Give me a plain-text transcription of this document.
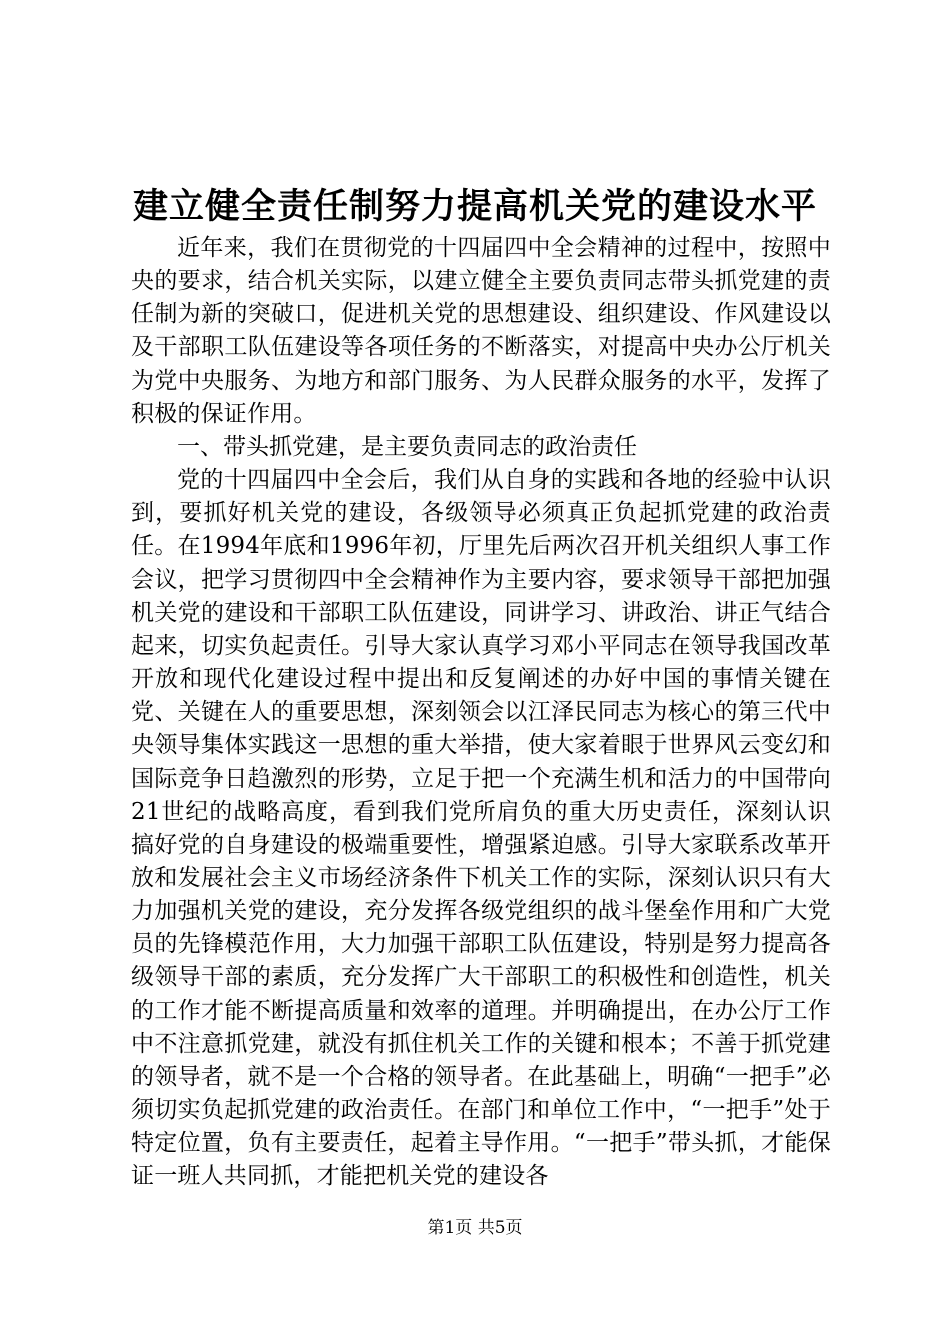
建立健全责任制努力提高机关党的建设水平

近年来，我们在贯彻党的十四届四中全会精神的过程中，按照中央的要求，结合机关实际，以建立健全主要负责同志带头抓党建的责任制为新的突破口，促进机关党的思想建设、组织建设、作风建设以及干部职工队伍建设等各项任务的不断落实，对提高中央办公厅机关为党中央服务、为地方和部门服务、为人民群众服务的水平，发挥了积极的保证作用。

一、带头抓党建，是主要负责同志的政治责任

党的十四届四中全会后，我们从自身的实践和各地的经验中认识到，要抓好机关党的建设，各级领导必须真正负起抓党建的政治责任。在1994年底和1996年初，厅里先后两次召开机关组织人事工作会议，把学习贯彻四中全会精神作为主要内容，要求领导干部把加强机关党的建设和干部职工队伍建设，同讲学习、讲政治、讲正气结合起来，切实负起责任。引导大家认真学习邓小平同志在领导我国改革开放和现代化建设过程中提出和反复阐述的办好中国的事情关键在党、关键在人的重要思想，深刻领会以江泽民同志为核心的第三代中央领导集体实践这一思想的重大举措，使大家着眼于世界风云变幻和国际竞争日趋激烈的形势，立足于把一个充满生机和活力的中国带向21世纪的战略高度，看到我们党所肩负的重大历史责任，深刻认识搞好党的自身建设的极端重要性，增强紧迫感。引导大家联系改革开放和发展社会主义市场经济条件下机关工作的实际，深刻认识只有大力加强机关党的建设，充分发挥各级党组织的战斗堡垒作用和广大党员的先锋模范作用，大力加强干部职工队伍建设，特别是努力提高各级领导干部的素质，充分发挥广大干部职工的积极性和创造性，机关的工作才能不断提高质量和效率的道理。并明确提出，在办公厅工作中不注意抓党建，就没有抓住机关工作的关键和根本；不善于抓党建的领导者，就不是一个合格的领导者。在此基础上，明确“一把手”必须切实负起抓党建的政治责任。在部门和单位工作中，“一把手”处于特定位置，负有主要责任，起着主导作用。“一把手”带头抓，才能保证一班人共同抓，才能把机关党的建设各

第1页 共5页
